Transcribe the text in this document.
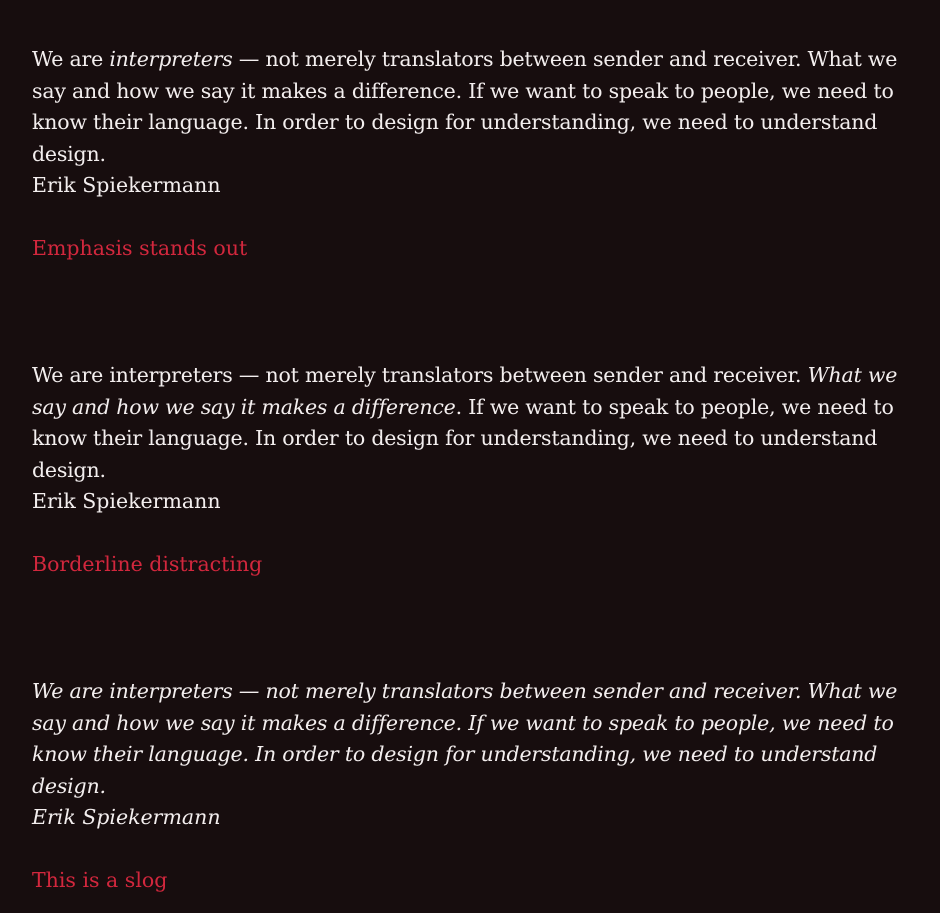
We are interpreters — not merely translators between sender and receiver. What we say and how we say it makes a difference. If we want to speak to people, we need to know their language. In order to design for understanding, we need to understand design.

Erik Spiekermann

Emphasis stands out

We are interpreters — not merely translators between sender and receiver. What we say and how we say it makes a difference. If we want to speak to people, we need to know their language. In order to design for understanding, we need to understand design.

Erik Spiekermann

Borderline distracting

We are interpreters — not merely translators between sender and receiver. What we say and how we say it makes a difference. If we want to speak to people, we need to know their language. In order to design for understanding, we need to understand design.

Erik Spiekermann

This is a slog
